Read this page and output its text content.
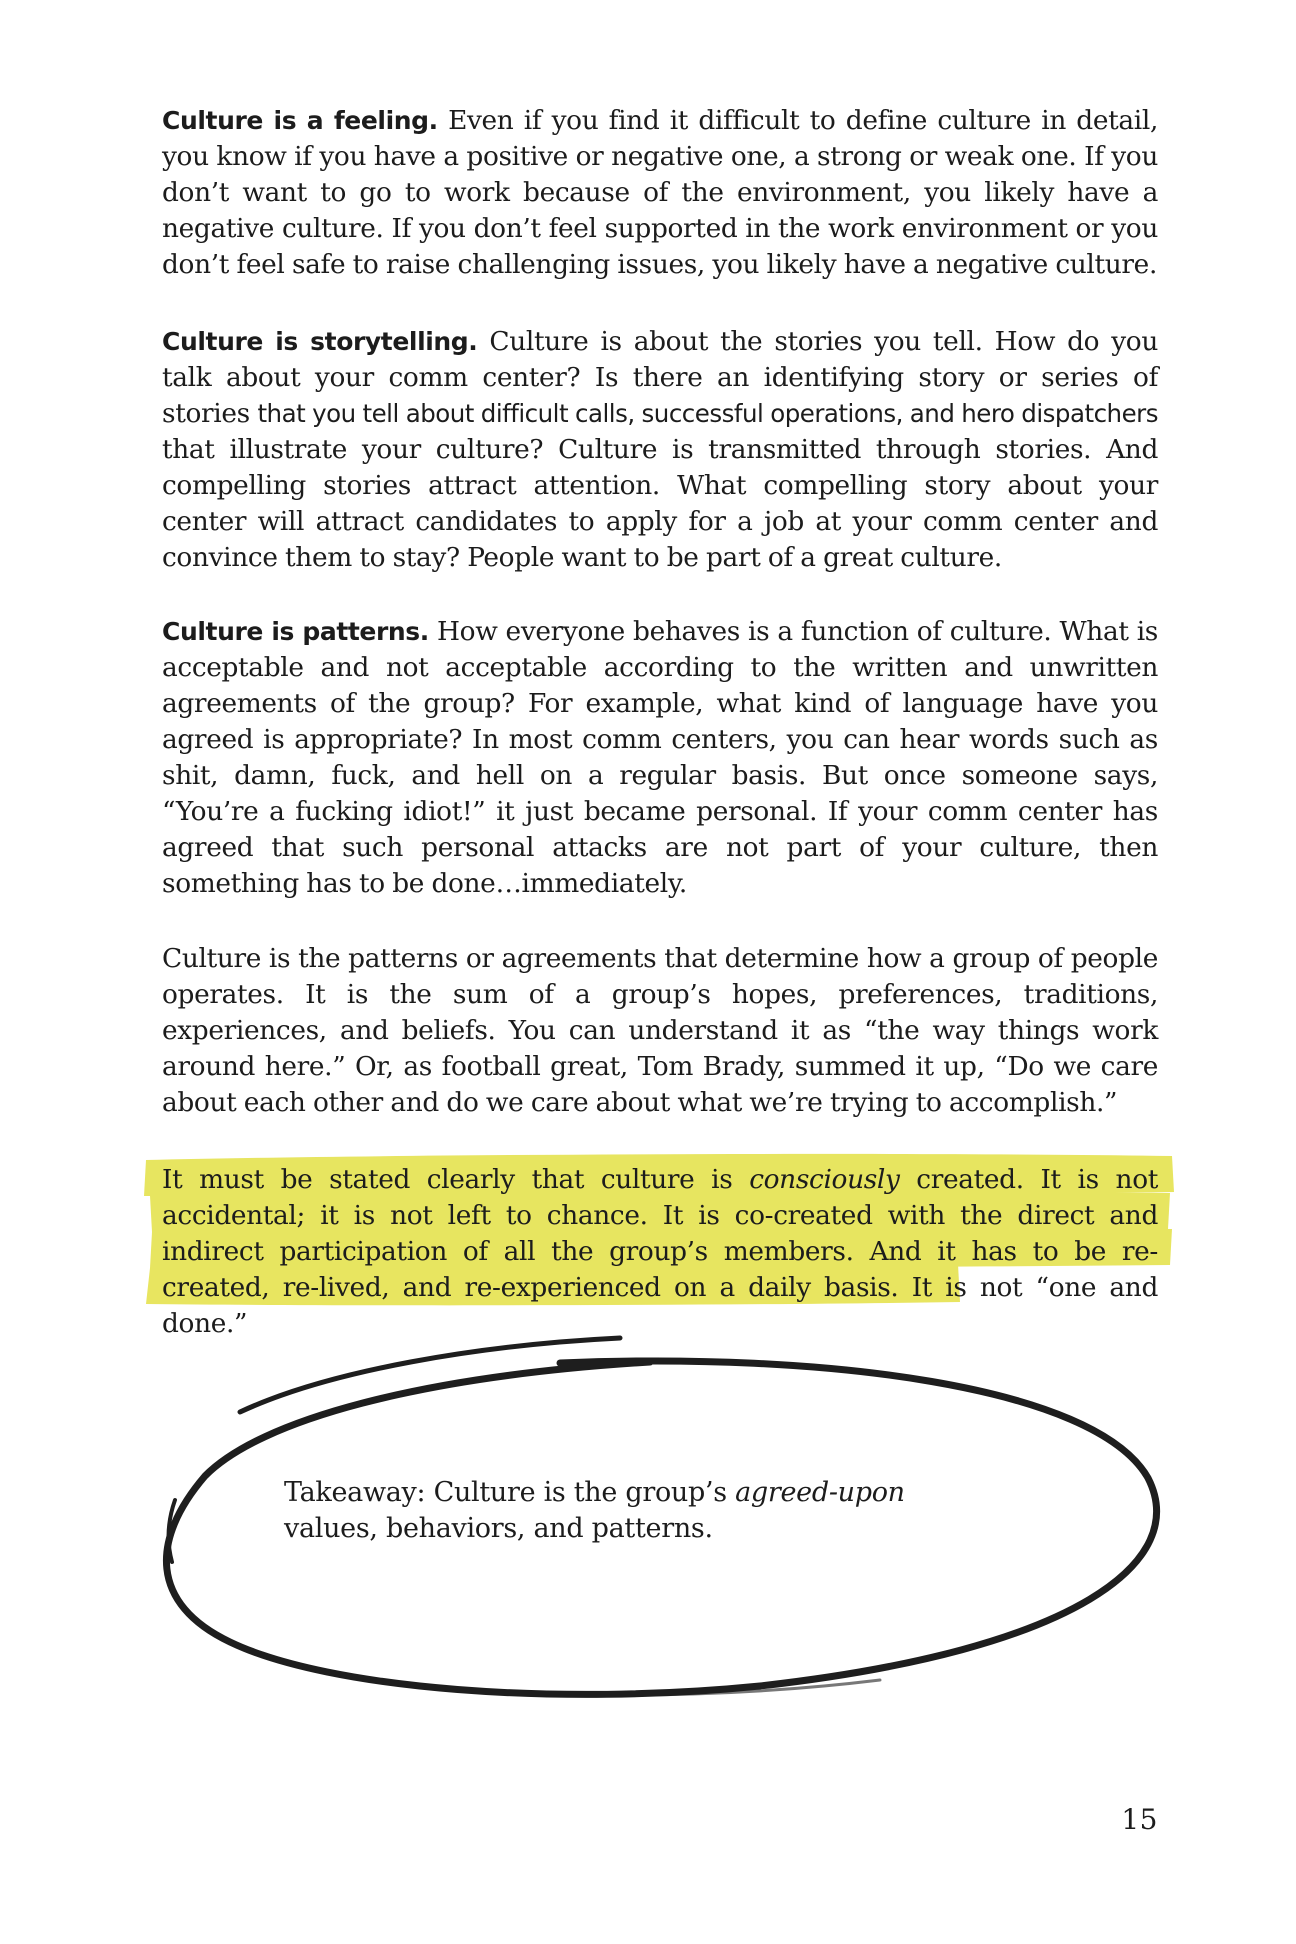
Culture is a feeling. Even if you find it difficult to define culture in detail, you know if you have a positive or negative one, a strong or weak one. If you don’t want to go to work because of the environment, you likely have a negative culture. If you don’t feel supported in the work environment or you don’t feel safe to raise challenging issues, you likely have a negative culture.

Culture is storytelling. Culture is about the stories you tell. How do you talk about your comm center? Is there an identifying story or series of stories that you tell about difficult calls, successful operations, and hero dispatchers that illustrate your culture? Culture is transmitted through stories. And compelling stories attract attention. What compelling story about your center will attract candidates to apply for a job at your comm center and convince them to stay? People want to be part of a great culture.

Culture is patterns. How everyone behaves is a function of culture. What is acceptable and not acceptable according to the written and unwritten agreements of the group? For example, what kind of language have you agreed is appropriate? In most comm centers, you can hear words such as shit, damn, fuck, and hell on a regular basis. But once someone says, “You’re a fucking idiot!” it just became personal. If your comm center has agreed that such personal attacks are not part of your culture, then something has to be done…immediately.

Culture is the patterns or agreements that determine how a group of people operates. It is the sum of a group’s hopes, preferences, traditions, experiences, and beliefs. You can understand it as “the way things work around here.” Or, as football great, Tom Brady, summed it up, “Do we care about each other and do we care about what we’re trying to accomplish.”

It must be stated clearly that culture is consciously created. It is not accidental; it is not left to chance. It is co-created with the direct and indirect participation of all the group’s members. And it has to be re-created, re-lived, and re-experienced on a daily basis. It is not “one and done.”

Takeaway: Culture is the group’s agreed-upon values, behaviors, and patterns.

15
